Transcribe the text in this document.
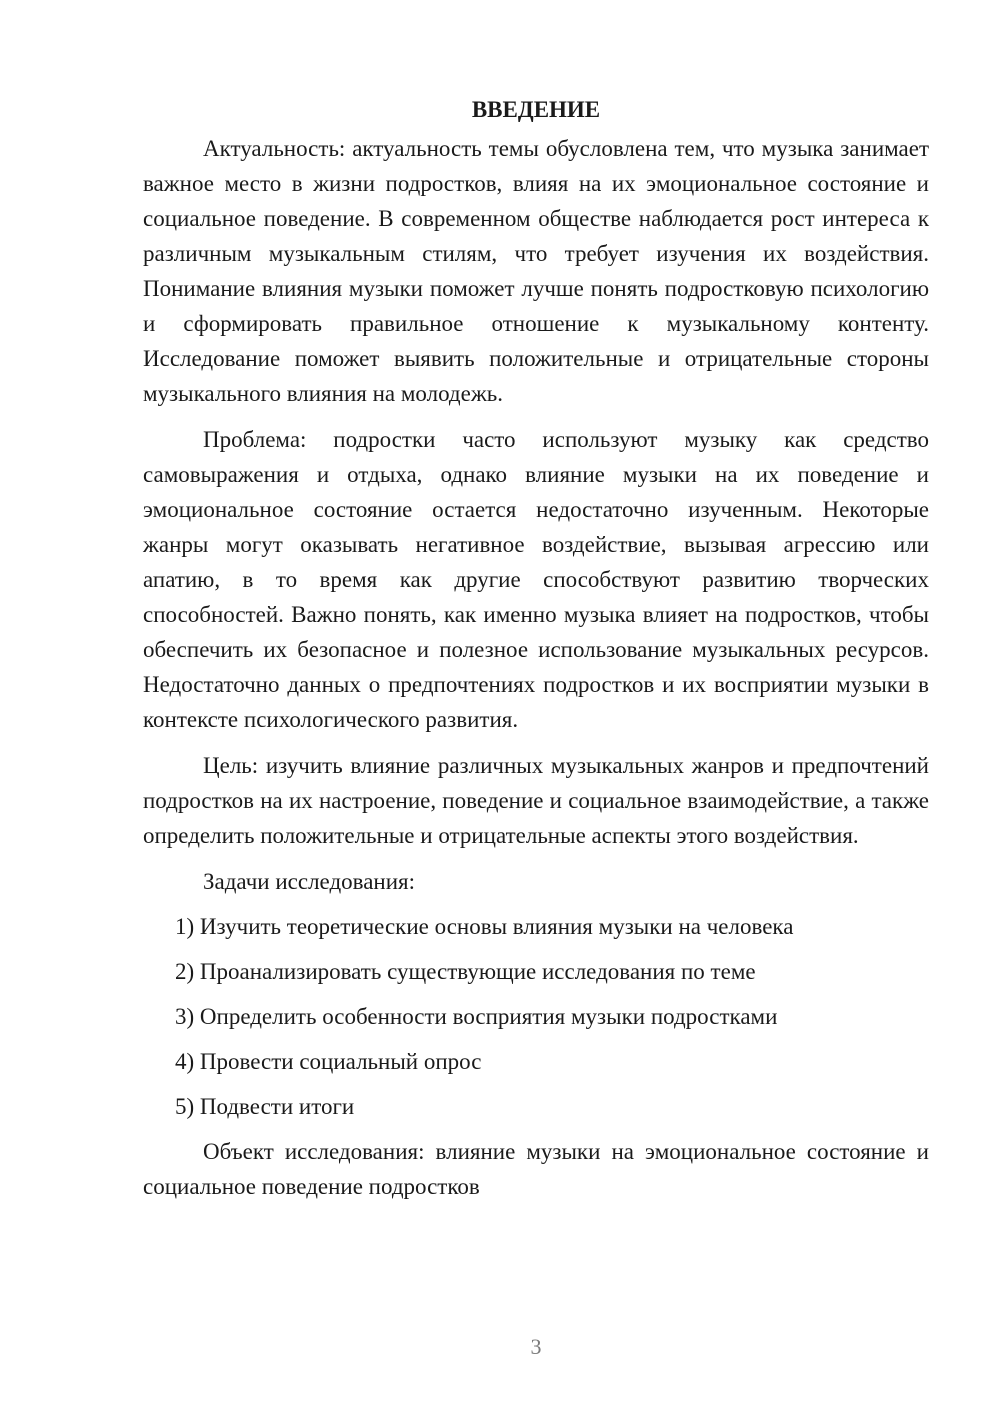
ВВЕДЕНИЕ

Актуальность: актуальность темы обусловлена тем, что музыка занимает важное место в жизни подростков, влияя на их эмоциональное состояние и социальное поведение. В современном обществе наблюдается рост интереса к различным музыкальным стилям, что требует изучения их воздействия. Понимание влияния музыки поможет лучше понять подростковую психологию и сформировать правильное отношение к музыкальному контенту. Исследование поможет выявить положительные и отрицательные стороны музыкального влияния на молодежь.

Проблема: подростки часто используют музыку как средство самовыражения и отдыха, однако влияние музыки на их поведение и эмоциональное состояние остается недостаточно изученным. Некоторые жанры могут оказывать негативное воздействие, вызывая агрессию или апатию, в то время как другие способствуют развитию творческих способностей. Важно понять, как именно музыка влияет на подростков, чтобы обеспечить их безопасное и полезное использование музыкальных ресурсов. Недостаточно данных о предпочтениях подростков и их восприятии музыки в контексте психологического развития.

Цель: изучить влияние различных музыкальных жанров и предпочтений подростков на их настроение, поведение и социальное взаимодействие, а также определить положительные и отрицательные аспекты этого воздействия.

Задачи исследования:

1) Изучить теоретические основы влияния музыки на человека
2) Проанализировать существующие исследования по теме
3) Определить особенности восприятия музыки подростками
4) Провести социальный опрос
5) Подвести итоги

Объект исследования: влияние музыки на эмоциональное состояние и социальное поведение подростков

3
